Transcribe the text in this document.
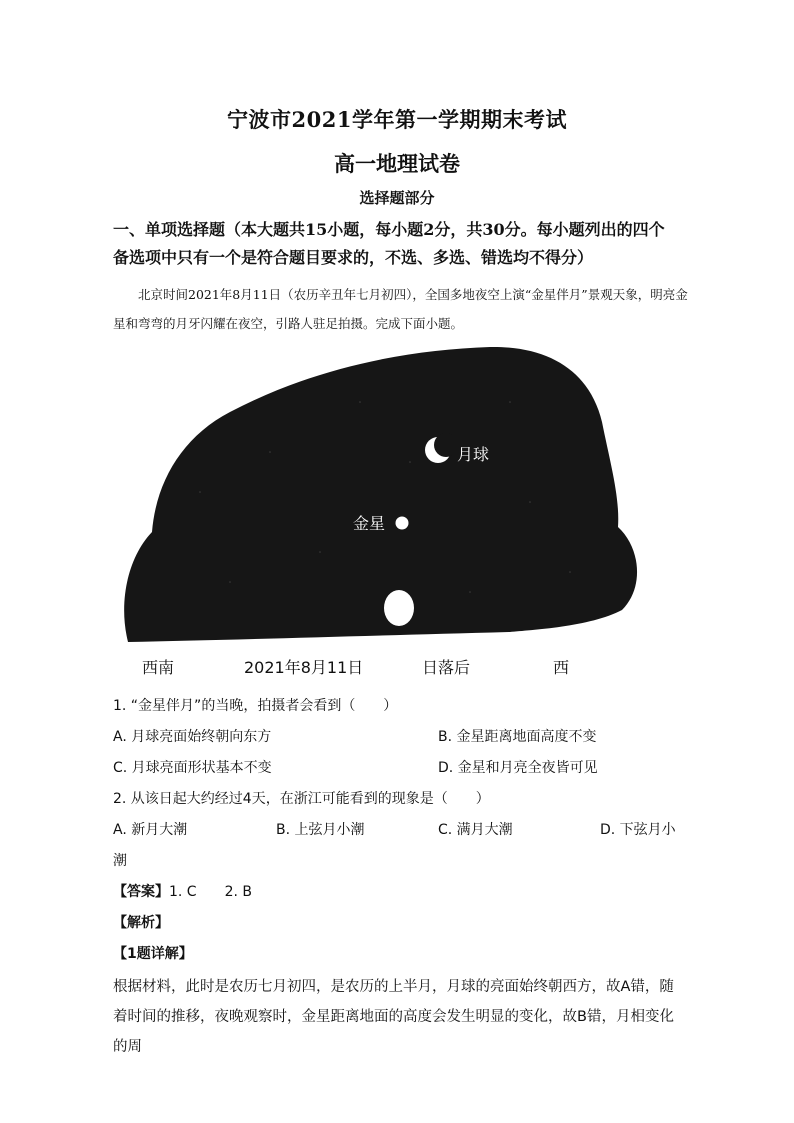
宁波市2021学年第一学期期末考试
高一地理试卷
选择题部分
一、单项选择题（本大题共15小题，每小题2分，共30分。每小题列出的四个
备选项中只有一个是符合题目要求的，不选、多选、错选均不得分）
北京时间2021年8月11日（农历辛丑年七月初四），全国多地夜空上演“金星伴月”景观天象，明亮金星和弯弯的月牙闪耀在夜空，引路人驻足拍摄。完成下面小题。
月球
金星
西南	2021年8月11日	日落后	西
1. “金星伴月”的当晚，拍摄者会看到（　　）
A. 月球亮面始终朝向东方	B. 金星距离地面高度不变
C. 月球亮面形状基本不变	D. 金星和月亮全夜皆可见
2. 从该日起大约经过4天，在浙江可能看到的现象是（　　）
A. 新月大潮	B. 上弦月小潮	C. 满月大潮	D. 下弦月小
潮
【答案】1. C 2. B
【解析】
【1题详解】
根据材料，此时是农历七月初四，是农历的上半月，月球的亮面始终朝西方，故A错，随着时间的推移，夜晚观察时，金星距离地面的高度会发生明显的变化，故B错，月相变化的周
